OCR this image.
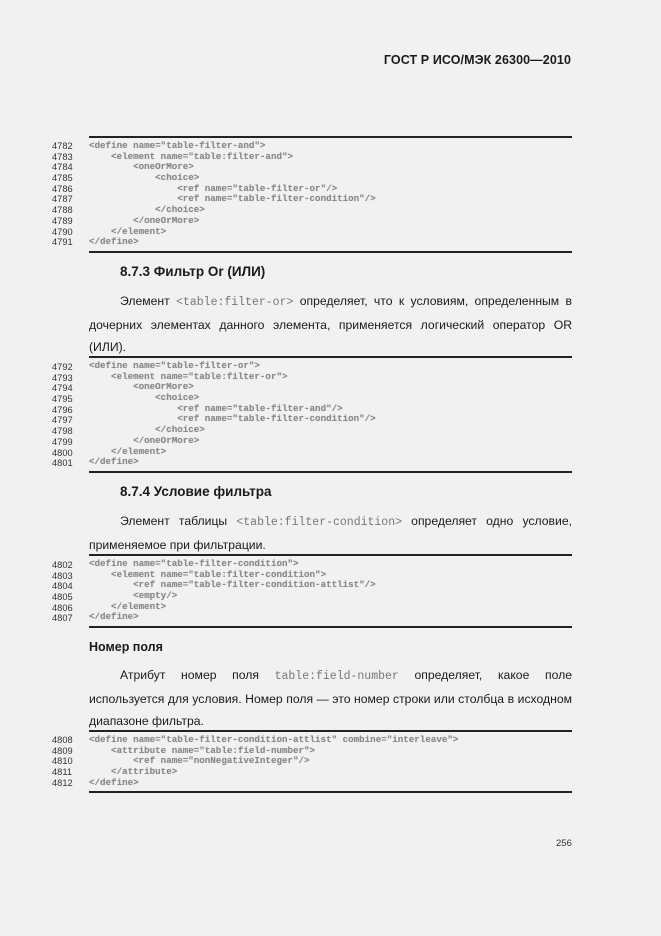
ГОСТ Р ИСО/МЭК 26300—2010
4782
4783
4784
4785
4786
4787
4788
4789
4790
4791
<define name="table-filter-and">
<element name="table:filter-and">
<oneOrMore>
<choice>
<ref name="table-filter-or"/>
<ref name="table-filter-condition"/>
</choice>
</oneOrMore>
</element>
</define>
8.7.3 Фильтр Or (ИЛИ)
Элемент <table:filter-or> определяет, что к условиям, определенным в дочерних элементах данного элемента, применяется логический оператор OR (ИЛИ).
4792
4793
4794
4795
4796
4797
4798
4799
4800
4801
<define name="table-filter-or">
<element name="table:filter-or">
<oneOrMore>
<choice>
<ref name="table-filter-and"/>
<ref name="table-filter-condition"/>
</choice>
</oneOrMore>
</element>
</define>
8.7.4 Условие фильтра
Элемент таблицы <table:filter-condition> определяет одно условие, применяемое при фильтрации.
4802
4803
4804
4805
4806
4807
<define name="table-filter-condition">
<element name="table:filter-condition">
<ref name="table-filter-condition-attlist"/>
<empty/>
</element>
</define>
Номер поля
Атрибут номер поля table:field-number определяет, какое поле используется для условия. Номер поля — это номер строки или столбца в исходном диапазоне фильтра.
4808
4809
4810
4811
4812
<define name="table-filter-condition-attlist" combine="interleave">
<attribute name="table:field-number">
<ref name="nonNegativeInteger"/>
</attribute>
</define>
256
